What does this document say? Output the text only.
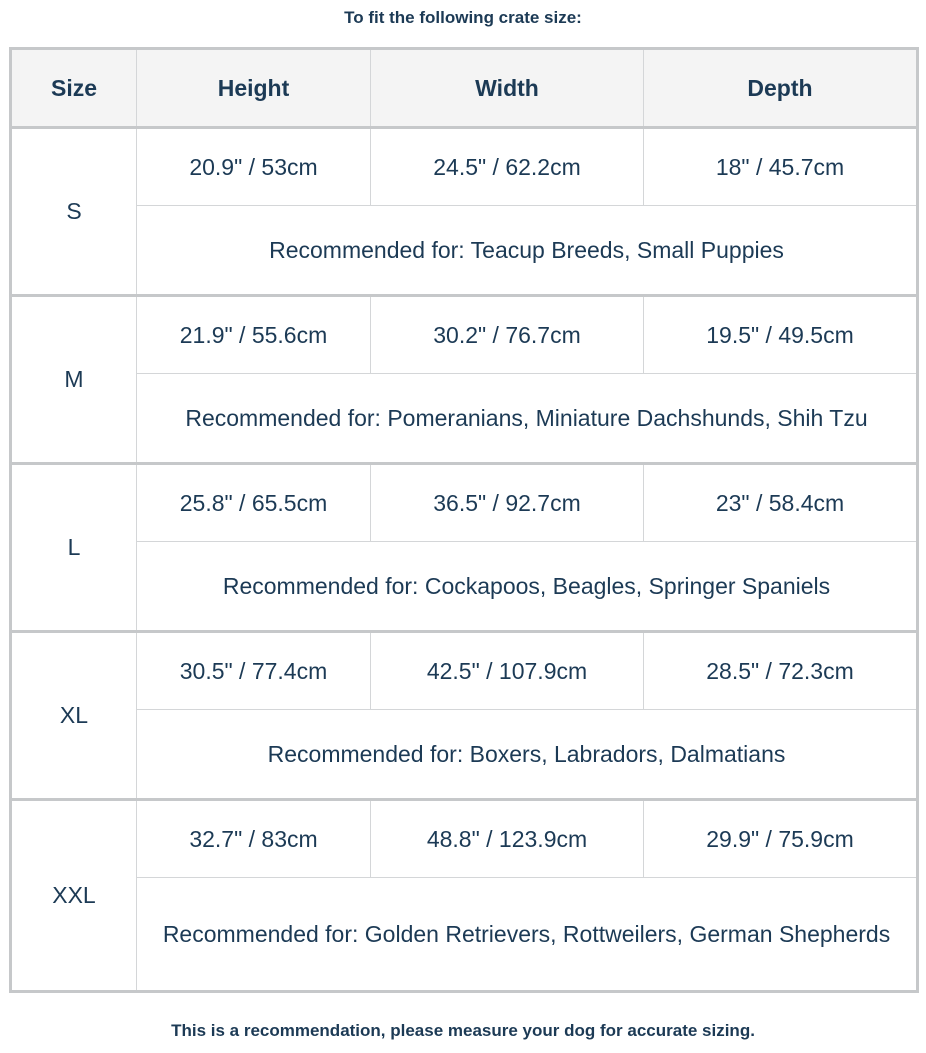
To fit the following crate size:
Size	Height	Width	Depth
S	20.9" / 53cm	24.5" / 62.2cm	18" / 45.7cm
	Recommended for: Teacup Breeds, Small Puppies		
M	21.9" / 55.6cm	30.2" / 76.7cm	19.5" / 49.5cm
	Recommended for: Pomeranians, Miniature Dachshunds, Shih Tzu		
L	25.8" / 65.5cm	36.5" / 92.7cm	23" / 58.4cm
	Recommended for: Cockapoos, Beagles, Springer Spaniels		
XL	30.5" / 77.4cm	42.5" / 107.9cm	28.5" / 72.3cm
	Recommended for: Boxers, Labradors, Dalmatians		
XXL	32.7" / 83cm	48.8" / 123.9cm	29.9" / 75.9cm
	Recommended for: Golden Retrievers, Rottweilers, German Shepherds		
This is a recommendation, please measure your dog for accurate sizing.
